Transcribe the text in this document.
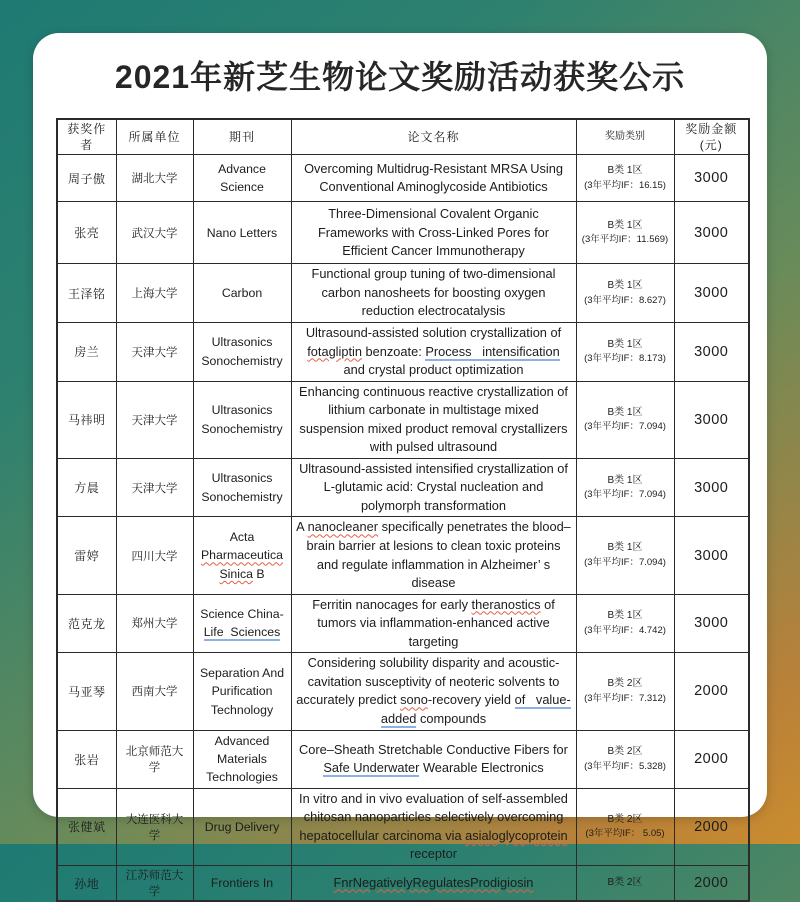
2021年新芝生物论文奖励活动获奖公示
获奖作者	所属单位	期刊	论文名称	奖励类别	奖励金额
(元)

周子傲	湖北大学	Advance Science	Overcoming Multidrug-Resistant MRSA Using Conventional Aminoglycoside Antibiotics	B类 1区
(3年平均IF：16.15)	3000
张亮	武汉大学	Nano Letters	Three-Dimensional Covalent Organic Frameworks with Cross-Linked Pores for Efficient Cancer Immunotherapy	B类 1区
(3年平均IF：11.569)	3000
王泽铭	上海大学	Carbon	Functional group tuning of two-dimensional carbon nanosheets for boosting oxygen reduction electrocatalysis	B类 1区
(3年平均IF：8.627)	3000
房兰	天津大学	Ultrasonics Sonochemistry	Ultrasound-assisted solution crystallization of fotagliptin benzoate: Process   intensification and crystal product optimization	B类 1区
(3年平均IF：8.173)	3000
马祎明	天津大学	Ultrasonics Sonochemistry	Enhancing continuous reactive crystallization of lithium carbonate in multistage mixed suspension mixed product removal crystallizers with pulsed ultrasound	B类 1区
(3年平均IF：7.094)	3000
方晨	天津大学	Ultrasonics Sonochemistry	Ultrasound-assisted intensified crystallization of L-glutamic acid: Crystal nucleation and polymorph transformation	B类 1区
(3年平均IF：7.094)	3000
雷婷	四川大学	Acta Pharmaceutica Sinica B	A nanocleaner specifically penetrates the blood– brain barrier at lesions to clean toxic proteins and regulate inflammation in Alzheimer’ s disease	B类 1区
(3年平均IF：7.094)	3000
范克龙	郑州大学	Science China-Life  Sciences	Ferritin nanocages for early theranostics of tumors via inflammation-enhanced active targeting	B类 1区
(3年平均IF：4.742)	3000
马亚琴	西南大学	Separation And Purification Technology	Considering solubility disparity and acoustic-cavitation susceptivity of neoteric solvents to accurately predict sono-recovery yield of   value-added compounds	B类 2区
(3年平均IF：7.312)	2000
张岩	北京师范大学	Advanced Materials Technologies	Core–Sheath Stretchable Conductive Fibers for Safe Underwater Wearable Electronics	B类 2区
(3年平均IF：5.328)	2000
张健斌	大连医科大学	Drug Delivery	In vitro and in vivo evaluation of self-assembled chitosan nanoparticles selectively overcoming hepatocellular carcinoma via asialoglycoprotein receptor	B类 2区
(3年平均IF： 5.05)	2000
孙地	江苏师范大学	Frontiers In	FnrNegativelyRegulatesProdigiosin	B类 2区	2000
